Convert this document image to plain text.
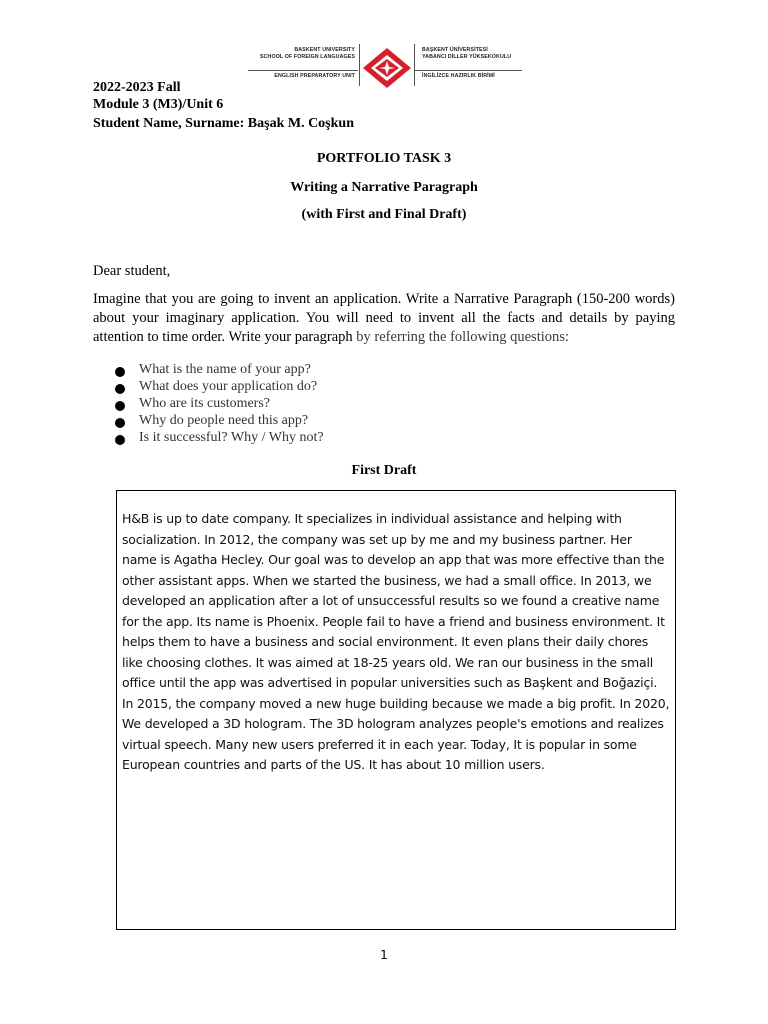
BASKENT UNIVERSITY
SCHOOL OF FOREIGN LANGUAGES
ENGLISH PREPARATORY UNIT
BAŞKENT ÜNİVERSİTESİ
YABANCI DİLLER YÜKSEKOKULU
İNGİLİZCE HAZIRLIK BİRİMİ
2022-2023 Fall
Module 3 (M3)/Unit 6
Student Name, Surname: Başak M. Coşkun
PORTFOLIO TASK 3
Writing a Narrative Paragraph
(with First and Final Draft)
Dear student,
Imagine that you are going to invent an application. Write a Narrative Paragraph (150-200 words) about your imaginary application. You will need to invent all the facts and details by paying attention to time order. Write your paragraph by referring the following questions:
What is the name of your app?
What does your application do?
Who are its customers?
Why do people need this app?
Is it successful? Why / Why not?
First Draft
H&B is up to date company. It specializes in individual assistance and helping with socialization. In 2012, the company was set up by me and my business partner. Her name is Agatha Hecley. Our goal was to develop an app that was more effective than the other assistant apps. When we started the business, we had a small office. In 2013, we developed an application after a lot of unsuccessful results so we found a creative name for the app. Its name is Phoenix. People fail to have a friend and business environment. It helps them to have a business and social environment. It even plans their daily chores like choosing clothes. It was aimed at 18-25 years old. We ran our business in the small office until the app was advertised in popular universities such as Başkent and Boğaziçi. In 2015, the company moved a new huge building because we made a big profit. In 2020, We developed a 3D hologram. The 3D hologram analyzes people's emotions and realizes virtual speech. Many new users preferred it in each year. Today, It is popular in some European countries and parts of the US. It has about 10 million users.
1
